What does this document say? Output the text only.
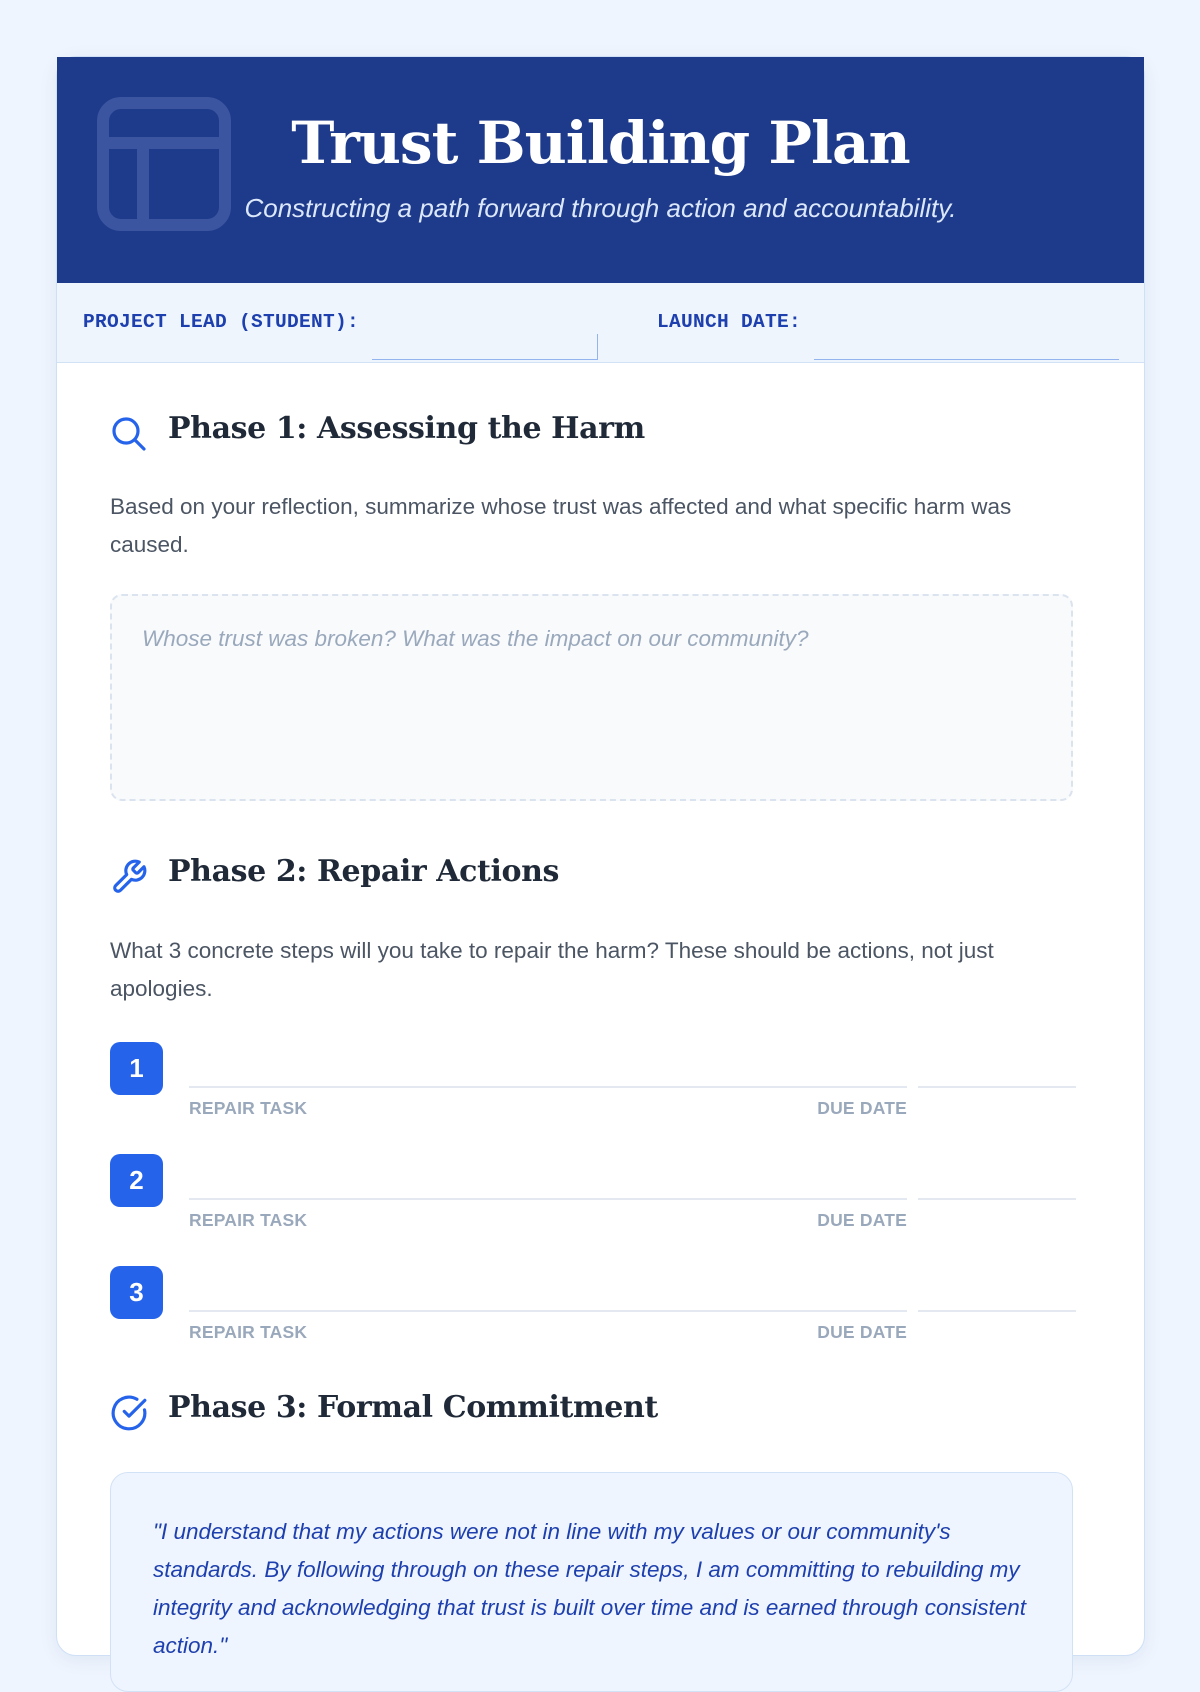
Trust Building Plan
Constructing a path forward through action and accountability.
PROJECT LEAD (STUDENT):	LAUNCH DATE:
Phase 1: Assessing the Harm
Based on your reflection, summarize whose trust was affected and what specific harm was caused.
Whose trust was broken? What was the impact on our community?
Phase 2: Repair Actions
What 3 concrete steps will you take to repair the harm? These should be actions, not just apologies.
1
REPAIR TASK	DUE DATE
2
REPAIR TASK	DUE DATE
3
REPAIR TASK	DUE DATE
Phase 3: Formal Commitment

"I understand that my actions were not in line with my values or our community's standards. By following through on these repair steps, I am committing to rebuilding my integrity and acknowledging that trust is built over time and is earned through consistent action."
